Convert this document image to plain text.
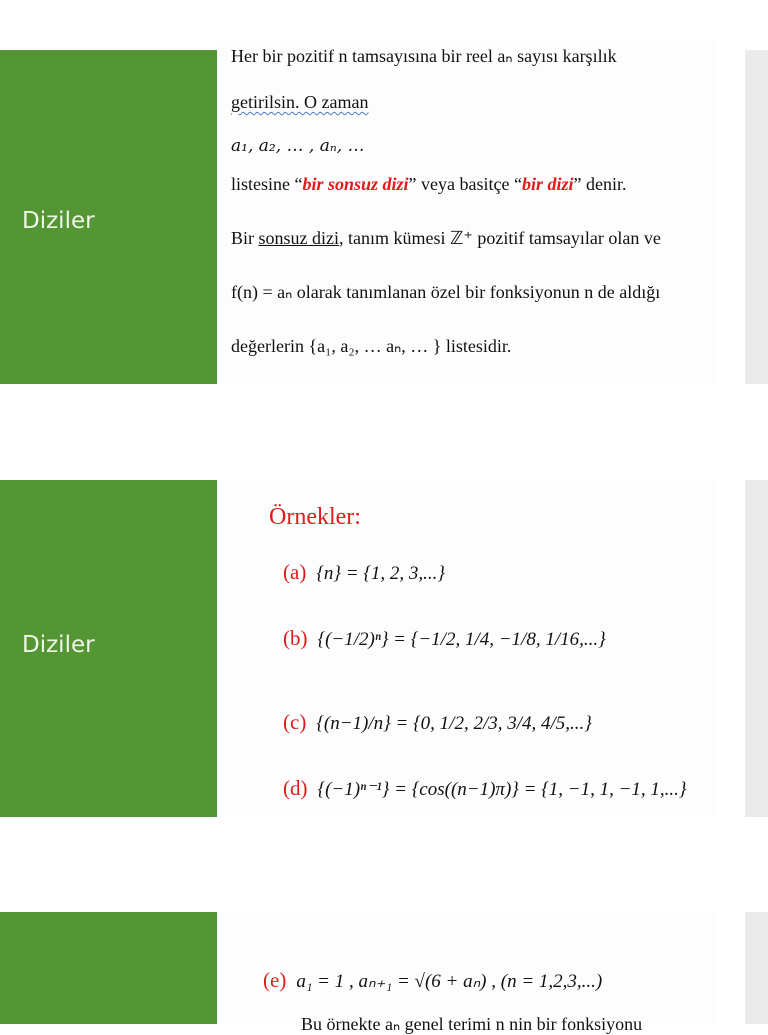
Diziler
Her bir pozitif n tamsayısına bir reel aₙ sayısı karşılık
getirilsin. O zaman
a₁, a₂, … , aₙ, …
listesine “bir sonsuz dizi” veya basitçe “bir dizi” denir.
Bir sonsuz dizi, tanım kümesi ℤ⁺ pozitif tamsayılar olan ve
f(n) = aₙ olarak tanımlanan özel bir fonksiyonun n de aldığı
değerlerin {a₁, a₂, … aₙ, … } listesidir.
Diziler
Örnekler:
(a) {n} = {1, 2, 3,...}
(b) {(−1/2)ⁿ} = {−1/2, 1/4, −1/8, 1/16,...}
(c) {(n−1)/n} = {0, 1/2, 2/3, 3/4, 4/5,...}
(d) {(−1)ⁿ⁻¹} = {cos((n−1)π)} = {1, −1, 1, −1, 1,...}
(e) a₁ = 1 , aₙ₊₁ = √(6 + aₙ) , (n = 1,2,3,...)
Bu örnekte aₙ genel terimi n nin bir fonksiyonu
